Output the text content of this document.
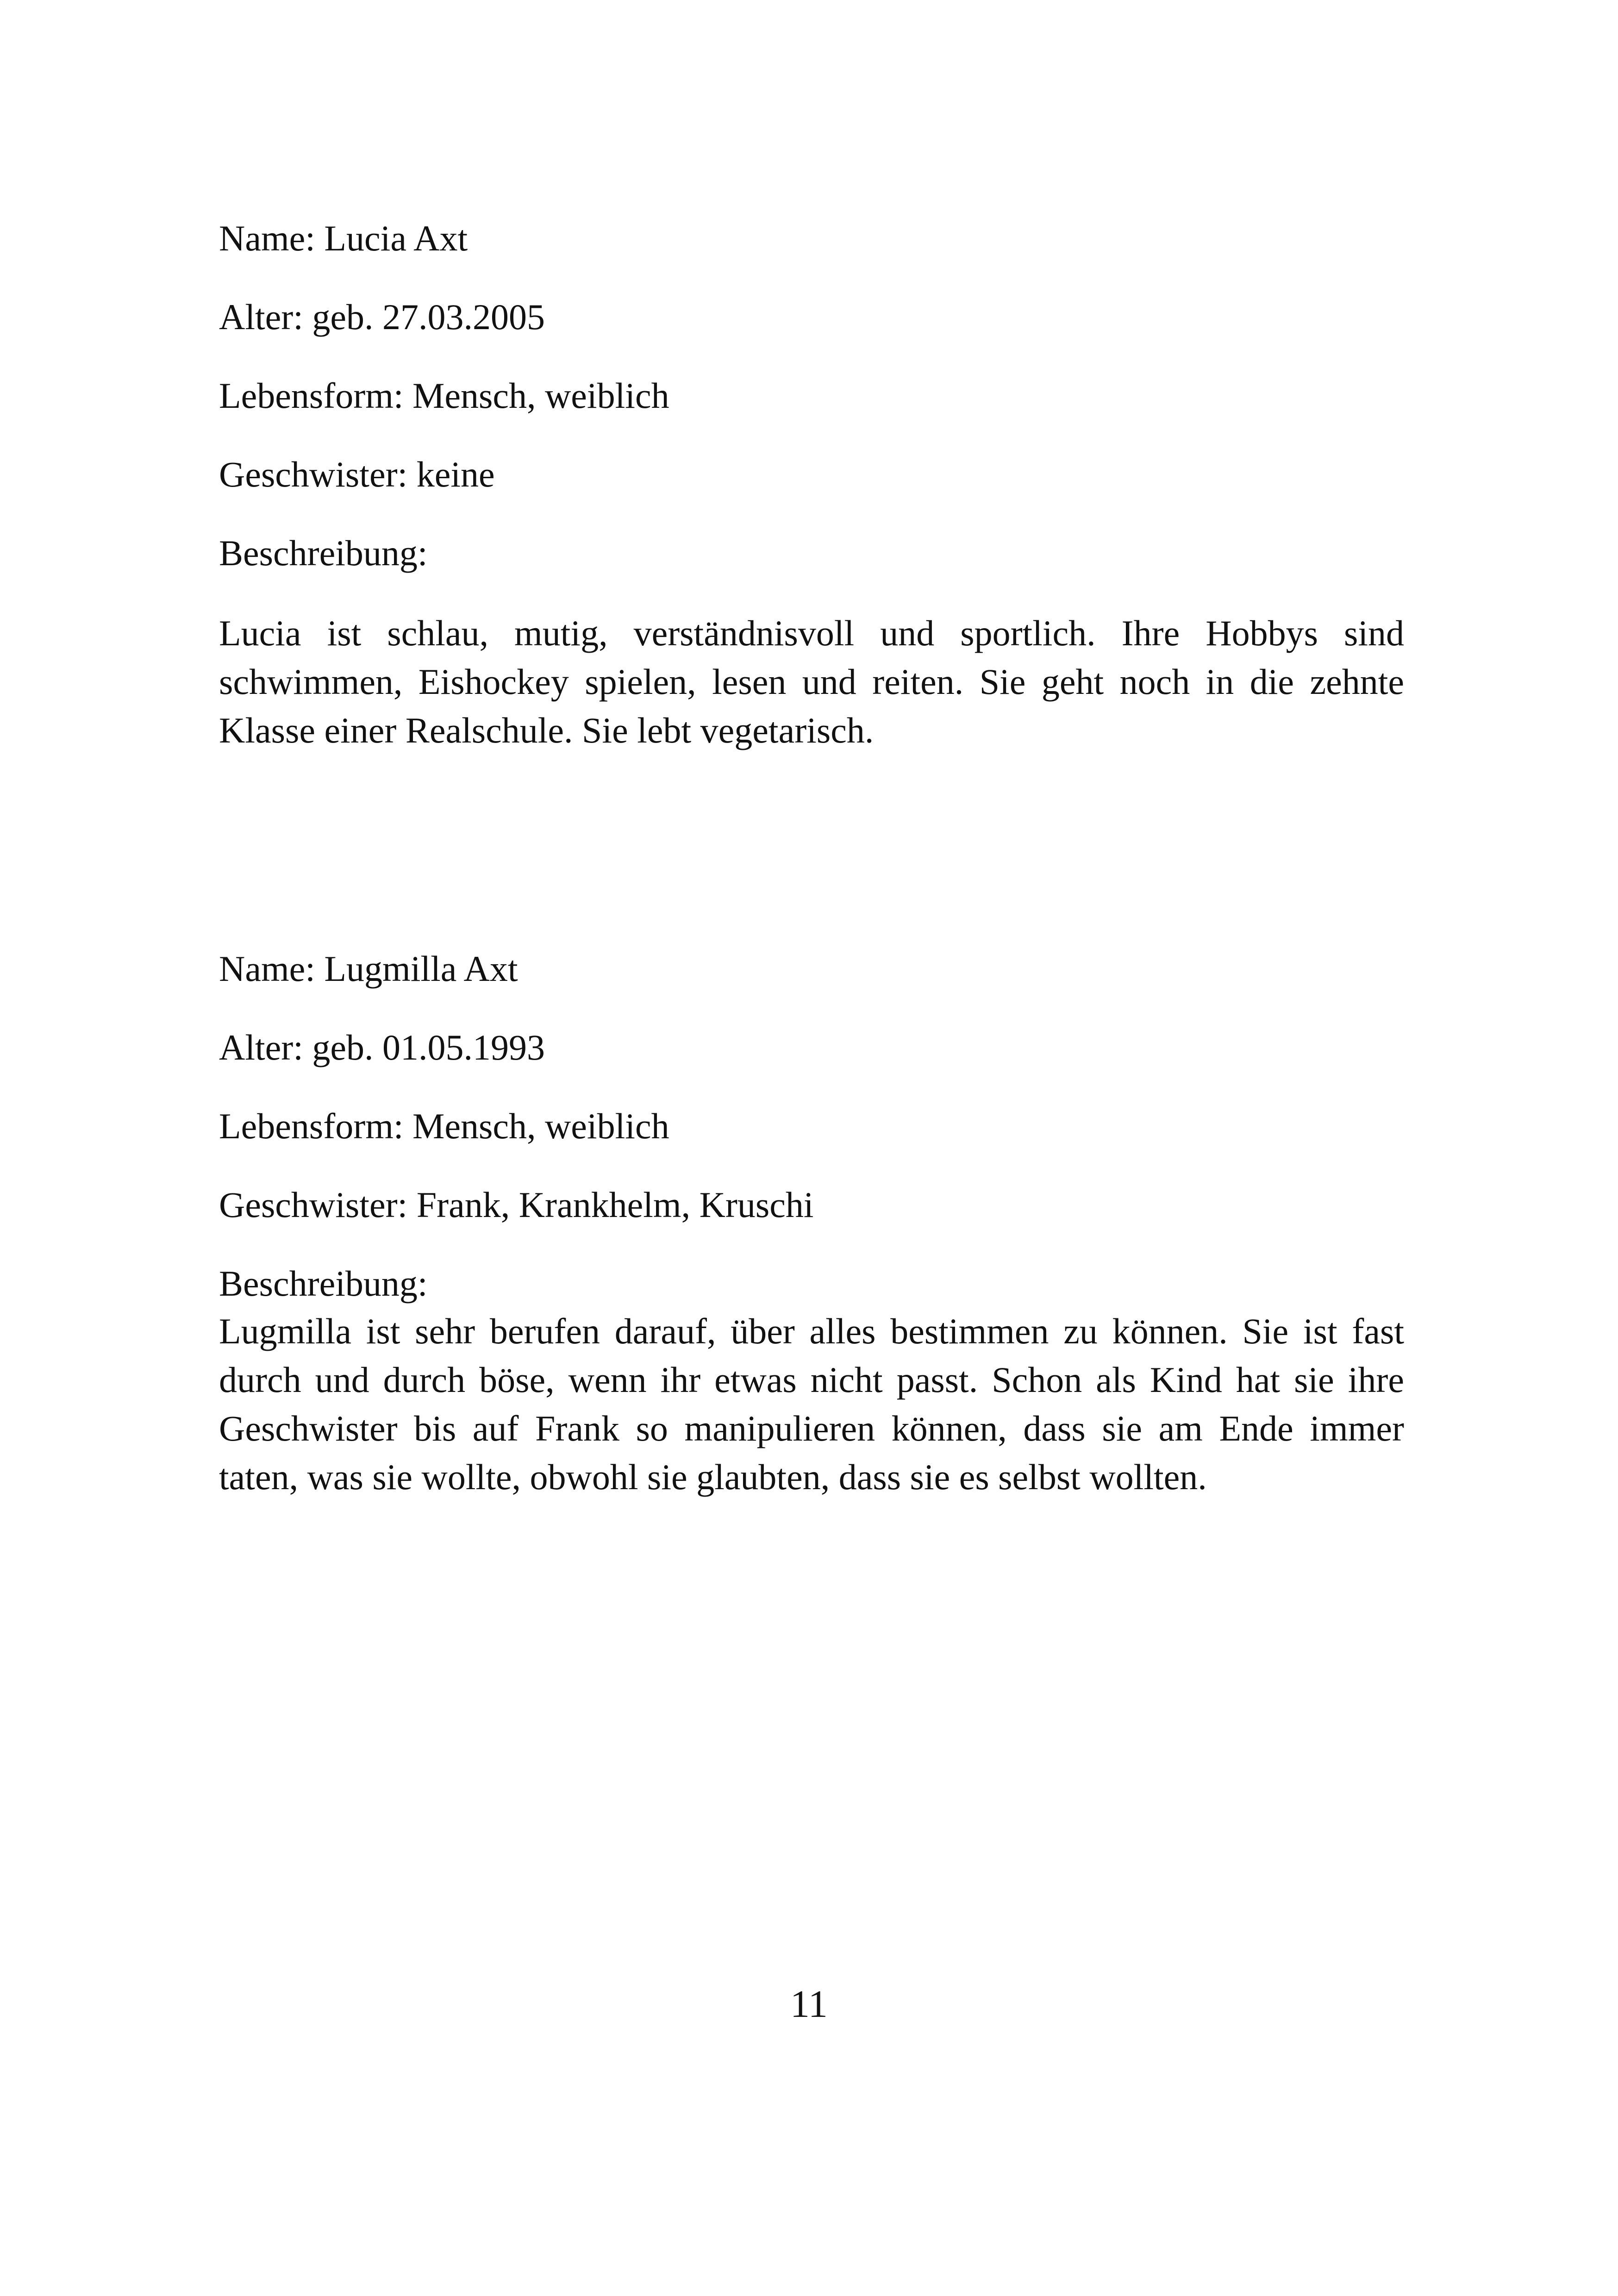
Name: Lucia Axt

Alter: geb. 27.03.2005

Lebensform: Mensch, weiblich

Geschwister: keine

Beschreibung:

Lucia ist schlau, mutig, verständnisvoll und sportlich. Ihre Hobbys sind schwimmen, Eishockey spielen, lesen und reiten. Sie geht noch in die zehnte Klasse einer Realschule. Sie lebt vegetarisch.

Name: Lugmilla Axt

Alter: geb. 01.05.1993

Lebensform: Mensch, weiblich

Geschwister: Frank, Krankhelm, Kruschi

Beschreibung:

Lugmilla ist sehr berufen darauf, über alles bestimmen zu können. Sie ist fast durch und durch böse, wenn ihr etwas nicht passt. Schon als Kind hat sie ihre Geschwister bis auf Frank so manipulieren können, dass sie am Ende immer taten, was sie wollte, obwohl sie glaubten, dass sie es selbst wollten.

11
